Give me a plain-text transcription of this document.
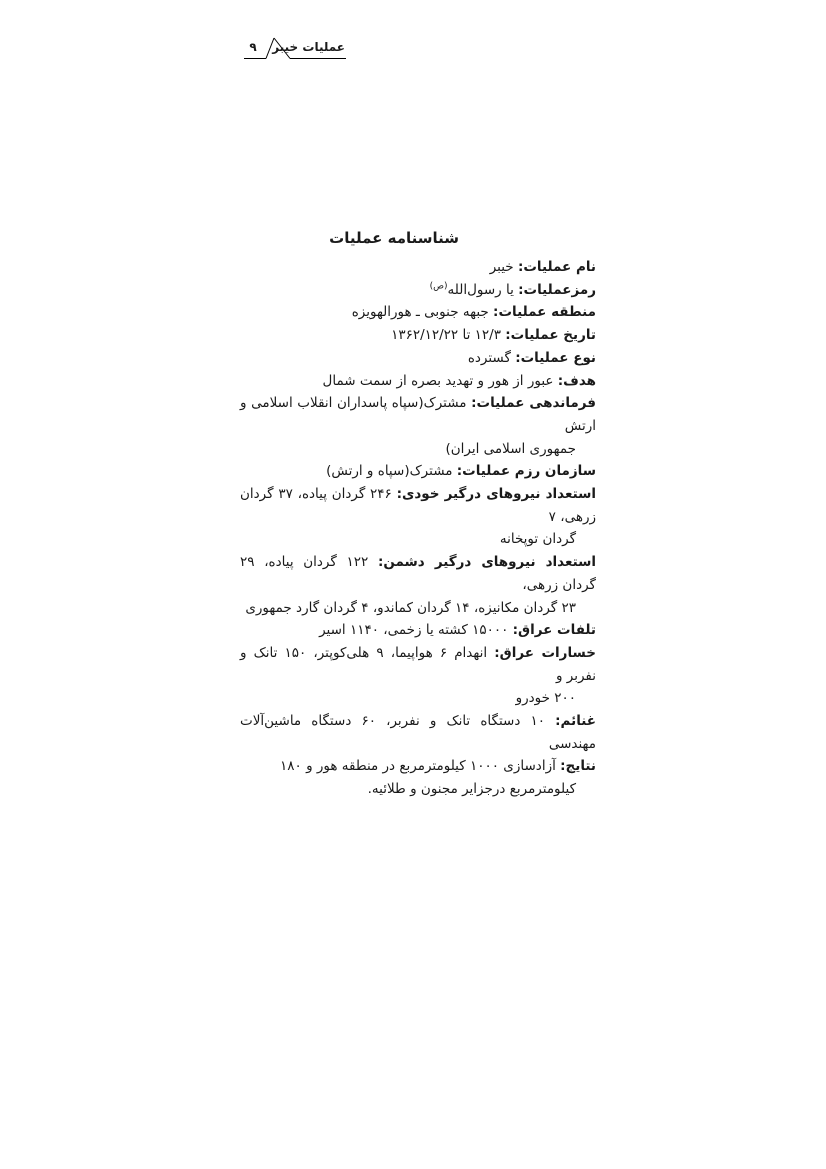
۹	عملیات خیبر
شناسنامه عملیات

نام عملیات: خیبر

رمزعملیات: یا رسول‌الله$^{(ص)}$

منطقه عملیات: جبهه جنوبی ـ هورالهویزه

تاریخ عملیات: ۱۲/۳ تا ۱۳۶۲/۱۲/۲۲

نوع عملیات: گسترده

هدف: عبور از هور و تهدید بصره از سمت شمال

فرماندهی عملیات: مشترک(سپاه پاسداران انقلاب اسلامی و ارتش

جمهوری اسلامی ایران)

سازمان رزم عملیات: مشترک(سپاه و ارتش)

استعداد نیروهای درگیر خودی: ۲۴۶ گردان پیاده، ۳۷ گردان زرهی، ۷

گردان توپخانه

استعداد نیروهای درگیر دشمن: ۱۲۲ گردان پیاده، ۲۹ گردان زرهی،

۲۳ گردان مکانیزه، ۱۴ گردان کماندو، ۴ گردان گارد جمهوری

تلفات عراق: ۱۵۰۰۰ کشته یا زخمی، ۱۱۴۰ اسیر

خسارات عراق: انهدام ۶ هواپیما، ۹ هلی‌کوپتر، ۱۵۰ تانک و نفربر و

۲۰۰ خودرو

غنائم: ۱۰ دستگاه تانک و نفربر، ۶۰ دستگاه ماشین‌آلات مهندسی

نتایج: آزادسازی ۱۰۰۰ کیلومترمربع در منطقه هور و ۱۸۰

کیلومترمربع درجزایر مجنون و طلائیه.
